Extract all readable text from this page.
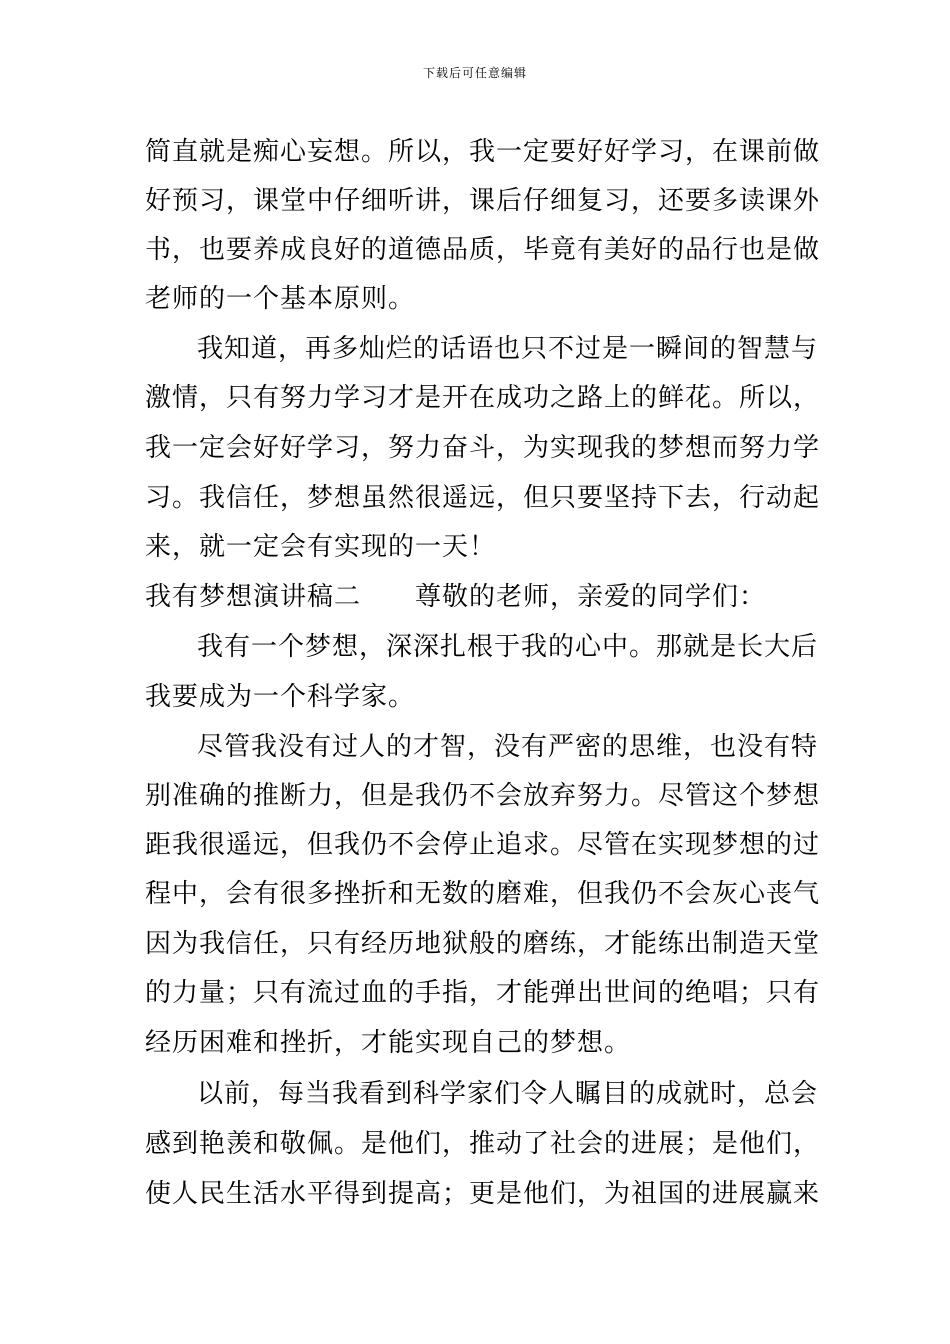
下载后可任意编辑
简直就是痴心妄想。所以，我一定要好好学习，在课前做
好预习，课堂中仔细听讲，课后仔细复习，还要多读课外
书，也要养成良好的道德品质，毕竟有美好的品行也是做
老师的一个基本原则。
我知道，再多灿烂的话语也只不过是一瞬间的智慧与
激情，只有努力学习才是开在成功之路上的鲜花。所以，
我一定会好好学习，努力奋斗，为实现我的梦想而努力学
习。我信任，梦想虽然很遥远，但只要坚持下去，行动起
来，就一定会有实现的一天！
我有梦想演讲稿二　　尊敬的老师，亲爱的同学们：
我有一个梦想，深深扎根于我的心中。那就是长大后
我要成为一个科学家。
尽管我没有过人的才智，没有严密的思维，也没有特
别准确的推断力，但是我仍不会放弃努力。尽管这个梦想
距我很遥远，但我仍不会停止追求。尽管在实现梦想的过
程中，会有很多挫折和无数的磨难，但我仍不会灰心丧气
因为我信任，只有经历地狱般的磨练，才能练出制造天堂
的力量；只有流过血的手指，才能弹出世间的绝唱；只有
经历困难和挫折，才能实现自己的梦想。
以前，每当我看到科学家们令人瞩目的成就时，总会
感到艳羡和敬佩。是他们，推动了社会的进展；是他们，
使人民生活水平得到提高；更是他们，为祖国的进展赢来
